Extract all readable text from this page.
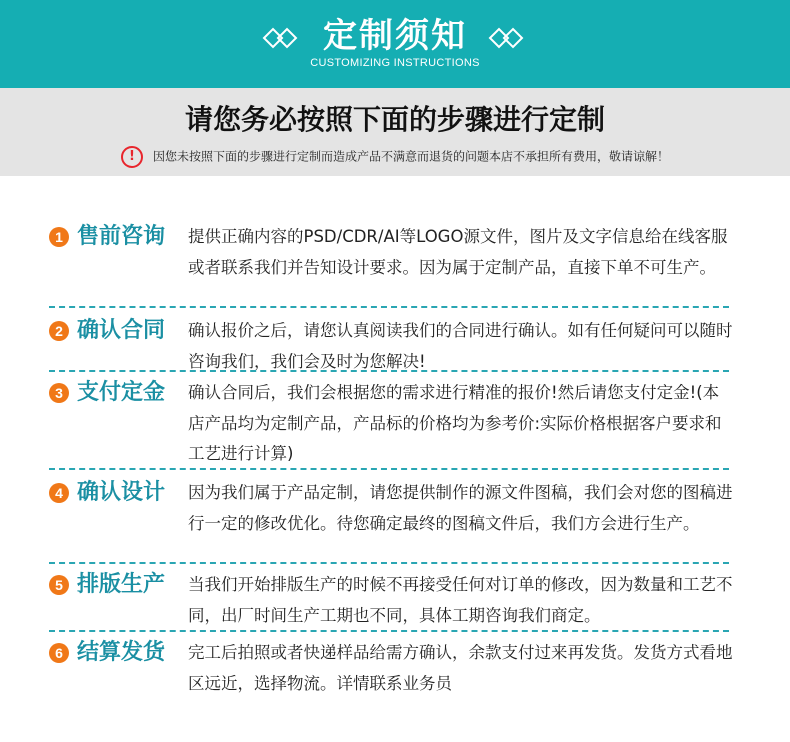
定制须知
CUSTOMIZING INSTRUCTIONS
请您务必按照下面的步骤进行定制
! 因您未按照下面的步骤进行定制而造成产品不满意而退货的问题本店不承担所有费用，敬请谅解！
1 售前咨询 提供正确内容的PSD/CDR/AI等LOGO源文件，图片及文字信息给在线客服或者联系我们并告知设计要求。因为属于定制产品，直接下单不可生产。
2 确认合同 确认报价之后，请您认真阅读我们的合同进行确认。如有任何疑问可以随时咨询我们，我们会及时为您解决!
3 支付定金 确认合同后，我们会根据您的需求进行精准的报价!然后请您支付定金!(本店产品均为定制产品，产品标的价格均为参考价:实际价格根据客户要求和工艺进行计算)
4 确认设计 因为我们属于产品定制，请您提供制作的源文件图稿，我们会对您的图稿进行一定的修改优化。待您确定最终的图稿文件后，我们方会进行生产。
5 排版生产 当我们开始排版生产的时候不再接受任何对订单的修改，因为数量和工艺不同，出厂时间生产工期也不同，具体工期咨询我们商定。
6 结算发货 完工后拍照或者快递样品给需方确认，余款支付过来再发货。发货方式看地区远近，选择物流。详情联系业务员
